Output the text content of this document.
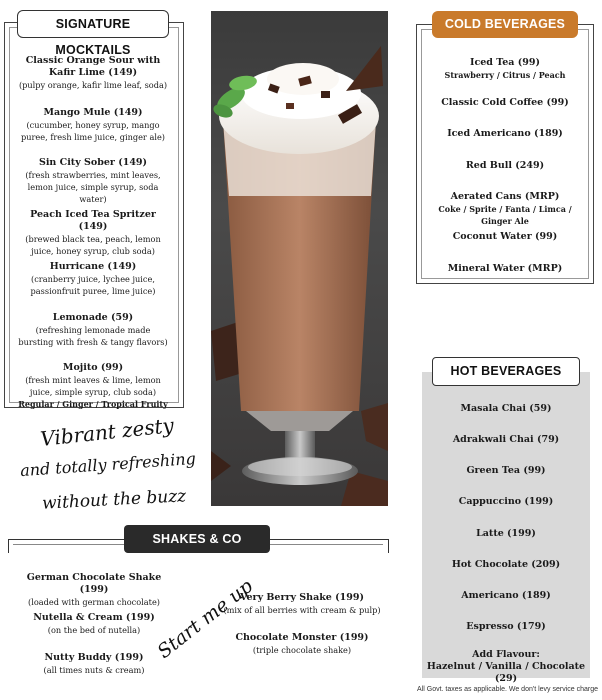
SIGNATURE MOCKTAILS
Classic Orange Sour with Kafir Lime (149)
(pulpy orange, kafir lime leaf, soda)
Mango Mule (149)
(cucumber, honey syrup, mango puree, fresh lime juice, ginger ale)
Sin City Sober (149)
(fresh strawberries, mint leaves, lemon juice, simple syrup, soda water)
Peach Iced Tea Spritzer (149)
(brewed black tea, peach, lemon juice, honey syrup, club soda)
Hurricane (149)
(cranberry juice, lychee juice, passionfruit puree, lime juice)
Lemonade (59)
(refreshing lemonade made bursting with fresh & tangy flavors)
Mojito (99)
(fresh mint leaves & lime, lemon juice, simple syrup, club soda)
Regular / Ginger / Tropical Fruity
Vibrant zesty
and totally refreshing
without the buzz
COLD BEVERAGES
Iced Tea (99)
Strawberry / Citrus / Peach
Classic Cold Coffee (99)
Iced Americano (189)
Red Bull (249)
Aerated Cans (MRP)
Coke / Sprite / Fanta / Limca / Ginger Ale
Coconut Water (99)
Mineral Water (MRP)
HOT BEVERAGES
Masala Chai (59)
Adrakwali Chai (79)
Green Tea (99)
Cappuccino (199)
Latte (199)
Hot Chocolate (209)
Americano (189)
Espresso (179)
Add Flavour:
Hazelnut / Vanilla / Chocolate (29)
SHAKES & CO
German Chocolate Shake (199)
(loaded with german chocolate)
Nutella & Cream (199)
(on the bed of nutella)
Nutty Buddy (199)
(all times nuts & cream)
Start me up
Very Berry Shake (199)
(mix of all berries with cream & pulp)
Chocolate Monster (199)
(triple chocolate shake)
All Govt. taxes as applicable. We don't levy service charge
